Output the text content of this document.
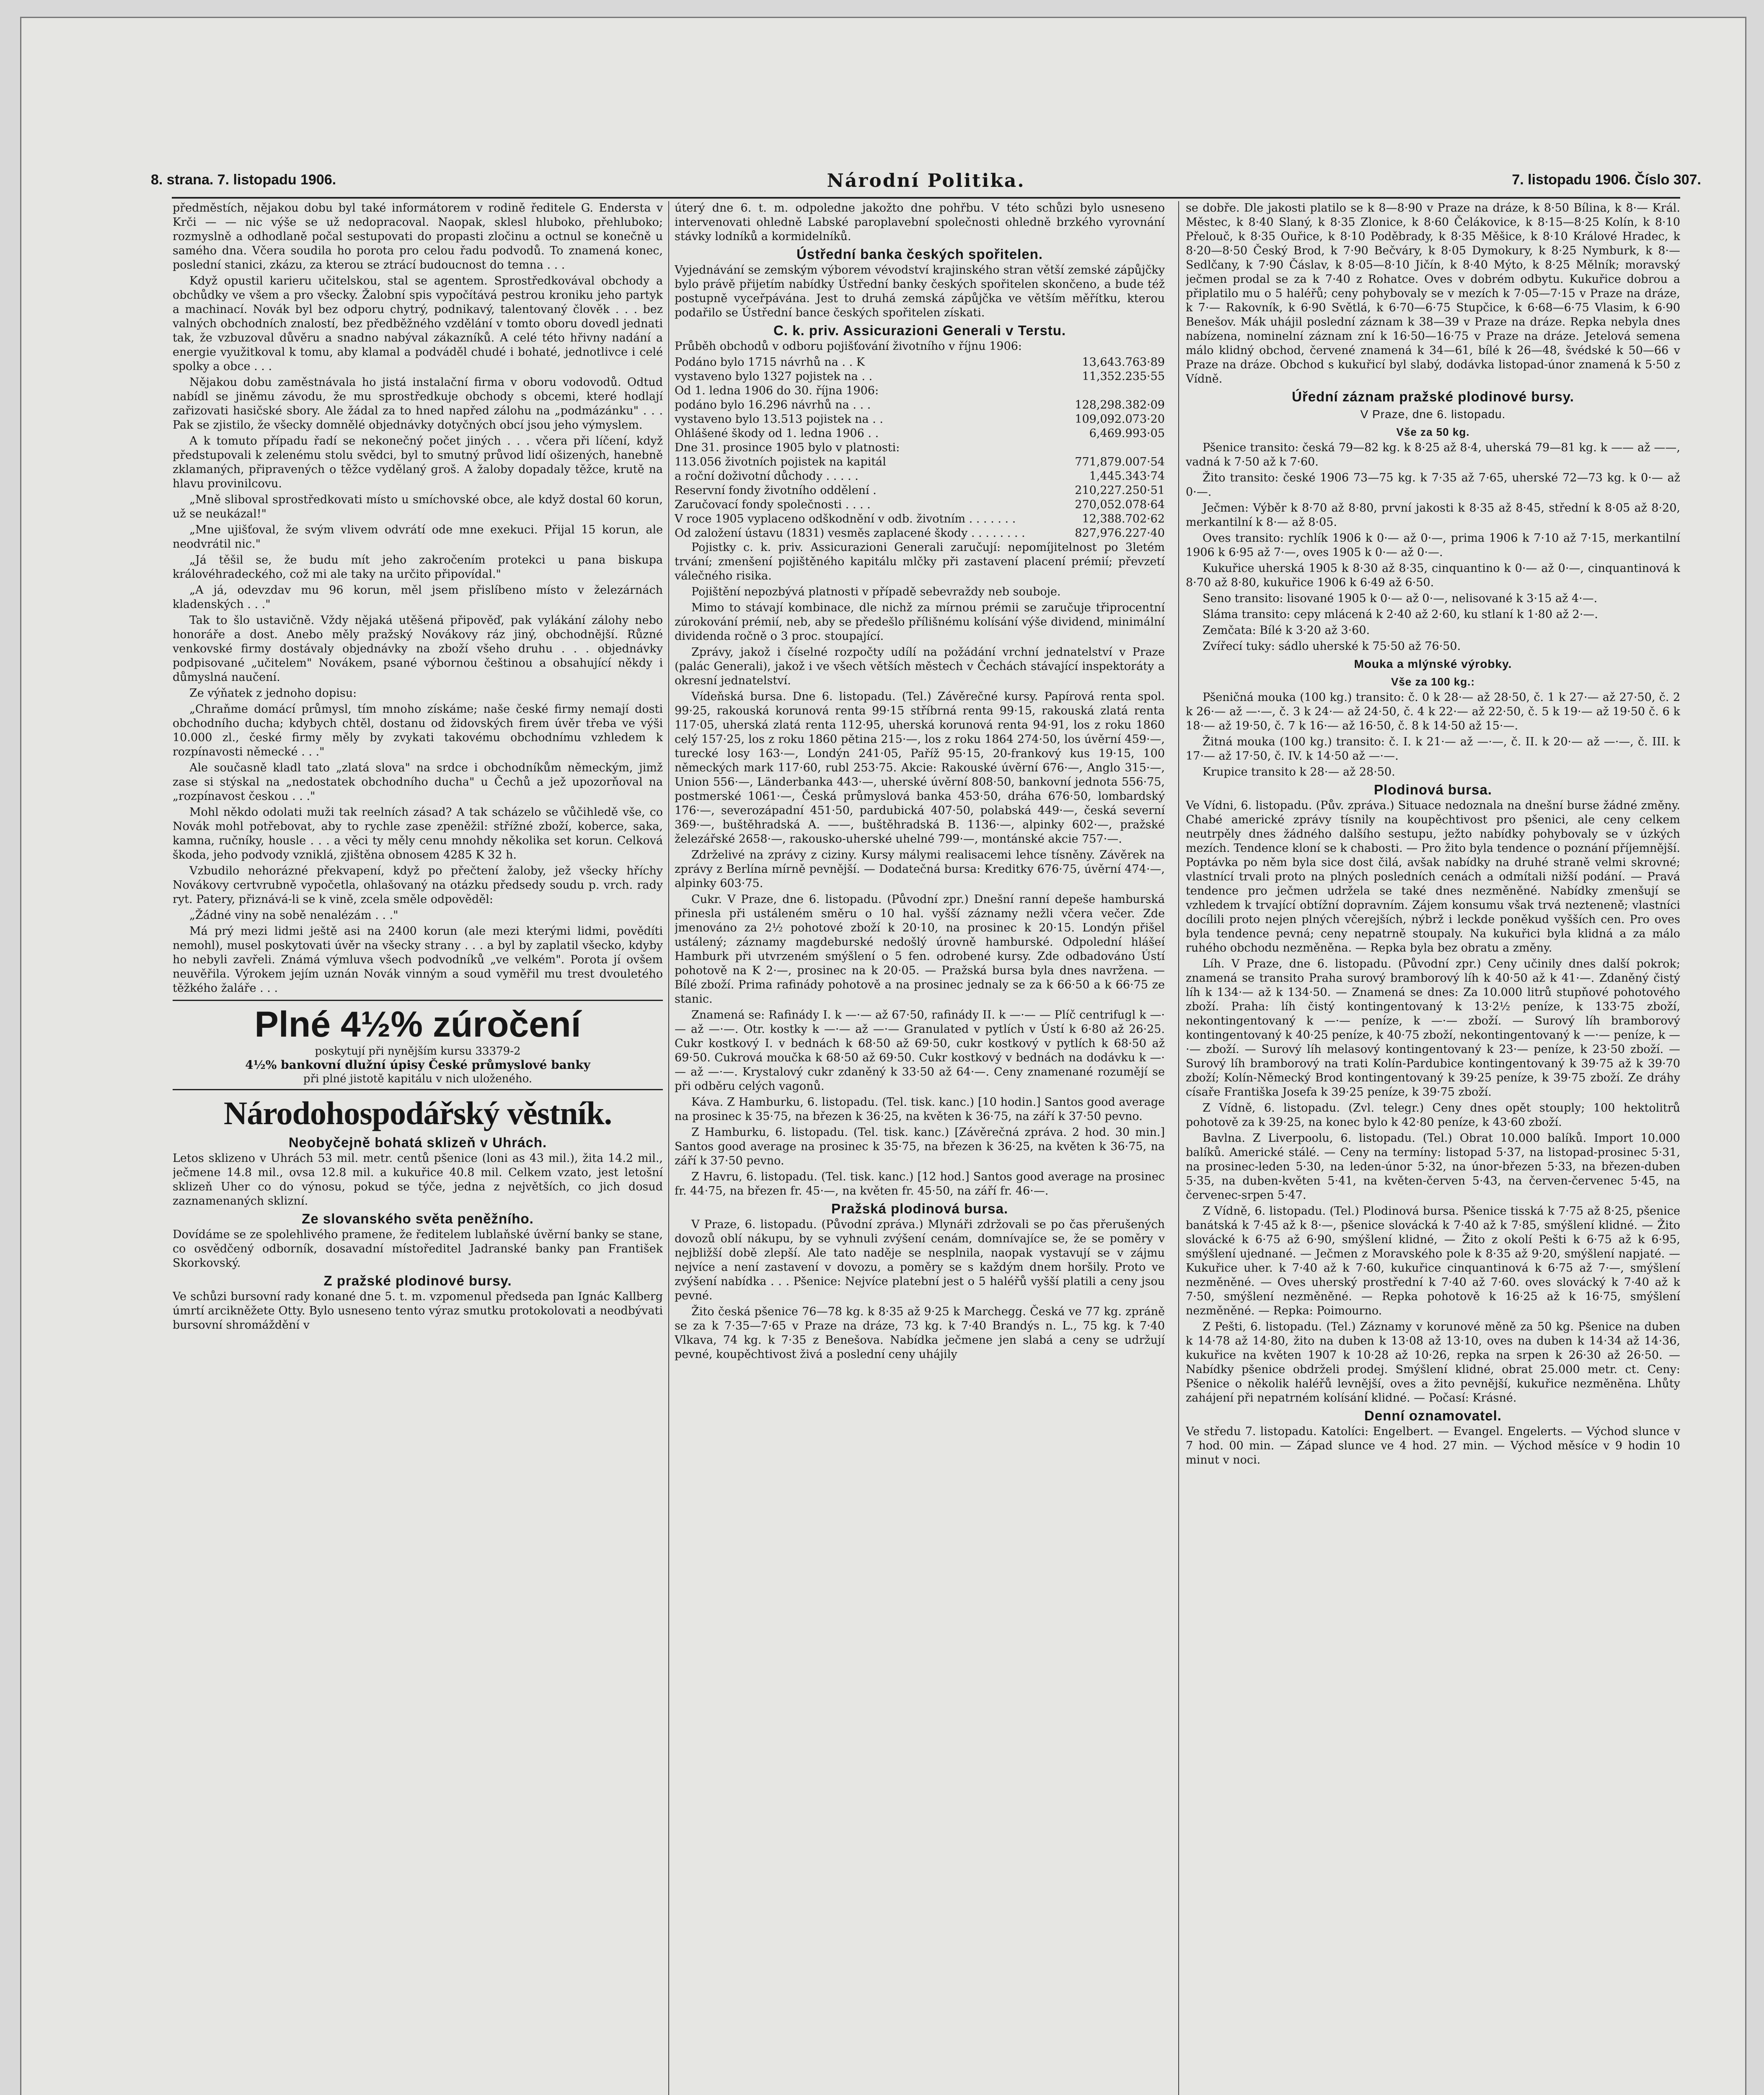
8. strana. 7. listopadu 1906.	Národní Politika.	7. listopadu 1906. Číslo 307.

předměstích, nějakou dobu byl také informátorem v rodině ředitele G. Endersta v Krči — — nic výše se už nedopracoval. Naopak, sklesl hluboko, přehluboko; rozmyslně a odhodlaně počal sestupovati do propasti zločinu a octnul se konečně u samého dna. Včera soudila ho porota pro celou řadu podvodů. To znamená konec, poslední stanici, zkázu, za kterou se ztrácí budoucnost do temna . . .

Když opustil karieru učitelskou, stal se agentem. Sprostředkovával obchody a obchůdky ve všem a pro všecky. Žalobní spis vypočítává pestrou kroniku jeho partyk a machinací. Novák byl bez odporu chytrý, podnikavý, talentovaný člověk . . . bez valných obchodních znalostí, bez předběžného vzdělání v tomto oboru dovedl jednati tak, že vzbuzoval důvěru a snadno nabýval zákazníků. A celé této hřivny nadání a energie využitkoval k tomu, aby klamal a podváděl chudé i bohaté, jednotlivce i celé spolky a obce . . .

Nějakou dobu zaměstnávala ho jistá instalační firma v oboru vodovodů. Odtud nabídl se jiněmu závodu, že mu sprostředkuje obchody s obcemi, které hodlají zařizovati hasičské sbory. Ale žádal za to hned napřed zálohu na „podmázánku" . . . Pak se zjistilo, že všecky domnělé objednávky dotyčných obcí jsou jeho výmyslem.

A k tomuto případu řadí se nekonečný počet jiných . . . včera při líčení, když předstupovali k zelenému stolu svědci, byl to smutný průvod lidí ošizených, hanebně zklamaných, připravených o těžce vydělaný groš. A žaloby dopadaly těžce, krutě na hlavu provinilcovu.

„Mně sliboval sprostředkovati místo u smíchovské obce, ale když dostal 60 korun, už se neukázal!"

„Mne ujišťoval, že svým vlivem odvrátí ode mne exekuci. Přijal 15 korun, ale neodvrátil nic."

„Já těšil se, že budu mít jeho zakročením protekci u pana biskupa královéhradeckého, což mi ale taky na určito připovídal."

„A já, odevzdav mu 96 korun, měl jsem přislíbeno místo v železárnách kladenských . . ."

Tak to šlo ustavičně. Vždy nějaká utěšená připověď, pak vylákání zálohy nebo honoráře a dost. Anebo měly pražský Novákovy ráz jiný, obchodnější. Různé venkovské firmy dostávaly objednávky na zboží všeho druhu . . . objednávky podpisované „učitelem" Novákem, psané výbornou češtinou a obsahující někdy i důmyslná naučení.

Ze výňatek z jednoho dopisu:

„Chraňme domácí průmysl, tím mnoho získáme; naše české firmy nemají dosti obchodního ducha; kdybych chtěl, dostanu od židovských firem úvěr třeba ve výši 10.000 zl., české firmy měly by zvykati takovému obchodnímu vzhledem k rozpínavosti německé . . ."

Ale současně kladl tato „zlatá slova" na srdce i obchodníkům německým, jimž zase si stýskal na „nedostatek obchodního ducha" u Čechů a jež upozorňoval na „rozpínavost českou . . ."

Mohl někdo odolati muži tak reelních zásad? A tak scházelo se vůčihledě vše, co Novák mohl potřebovat, aby to rychle zase zpeněžil: střížné zboží, koberce, saka, kamna, ručníky, housle . . . a věci ty měly cenu mnohdy několika set korun. Celková škoda, jeho podvody vzniklá, zjištěna obnosem 4285 K 32 h.

Vzbudilo nehorázné překvapení, když po přečtení žaloby, jež všecky hříchy Novákovy certvrubně vypočetla, ohlašovaný na otázku předsedy soudu p. vrch. rady ryt. Patery, přiznává-li se k vině, zcela směle odpověděl:

„Žádné viny na sobě nenalézám . . ."

Má prý mezi lidmi ještě asi na 2400 korun (ale mezi kterými lidmi, povědíti nemohl), musel poskytovati úvěr na všecky strany . . . a byl by zaplatil všecko, kdyby ho nebyli zavřeli. Známá výmluva všech podvodníků „ve velkém". Porota jí ovšem neuvěřila. Výrokem jejím uznán Novák vinným a soud vyměřil mu trest dvouletého těžkého žaláře . . .

Plné 4½% zúročení
poskytují při nynějším kursu 33379-2
4½% bankovní dlužní úpisy České průmyslové banky
při plné jistotě kapitálu v nich uloženého.
Národohospodářský věstník.
Neobyčejně bohatá sklizeň v Uhrách.

Letos sklizeno v Uhrách 53 mil. metr. centů pšenice (loni as 43 mil.), žita 14.2 mil., ječmene 14.8 mil., ovsa 12.8 mil. a kukuřice 40.8 mil. Celkem vzato, jest letošní sklizeň Uher co do výnosu, pokud se týče, jedna z největších, co jich dosud zaznamenaných sklizní.

Ze slovanského světa peněžního.

Dovídáme se ze spolehlivého pramene, že ředitelem lublaňské úvěrní banky se stane, co osvědčený odborník, dosavadní místoředitel Jadranské banky pan František Skorkovský.

Z pražské plodinové bursy.

Ve schůzi bursovní rady konané dne 5. t. m. vzpomenul předseda pan Ignác Kallberg úmrtí arcikněžete Otty. Bylo usneseno tento výraz smutku protokolovati a neodbývati bursovní shromáždění v

úterý dne 6. t. m. odpoledne jakožto dne pohřbu. V této schůzi bylo usneseno intervenovati ohledně Labské paroplavební společnosti ohledně brzkého vyrovnání stávky lodníků a kormidelníků.

Ústřední banka českých spořitelen.

Vyjednávání se zemským výborem vévodství krajinského stran větší zemské zápůjčky bylo právě přijetím nabídky Ústřední banky českých spořitelen skončeno, a bude též postupně vyceřpávána. Jest to druhá zemská zápůjčka ve větším měřítku, kterou podařilo se Ústřední bance českých spořitelen získati.

C. k. priv. Assicurazioni Generali v Terstu.

Průběh obchodů v odboru pojišťování životního v říjnu 1906:

Podáno bylo 1715 návrhů na . . K	13,643.763·89
vystaveno bylo 1327 pojistek na . .	11,352.235·55
Od 1. ledna 1906 do 30. října 1906:
podáno bylo 16.296 návrhů na . . .	128,298.382·09
vystaveno bylo 13.513 pojistek na . .	109,092.073·20
Ohlášené škody od 1. ledna 1906 . .	6,469.993·05
Dne 31. prosince 1905 bylo v platnosti:
113.056 životních pojistek na kapitál	771,879.007·54
a roční doživotní důchody . . . . .	1,445.343·74
Reservní fondy životního oddělení .	210,227.250·51
Zaručovací fondy společnosti . . . .	270,052.078·64
V roce 1905 vyplaceno odškodnění v odb. životním . . . . . . .	12,388.702·62
Od založení ústavu (1831) vesměs zaplacené škody . . . . . . . .	827,976.227·40

Pojistky c. k. priv. Assicurazioni Generali zaručují: nepomíjitelnost po 3letém trvání; zmenšení pojištěného kapitálu mlčky při zastavení placení prémií; převzetí válečného risika.

Pojištění nepozbývá platnosti v případě sebevraždy neb souboje.

Mimo to stávají kombinace, dle nichž za mírnou prémii se zaručuje třiprocentní zúrokování prémií, neb, aby se předešlo přílišnému kolísání výše dividend, minimální dividenda ročně o 3 proc. stoupající.

Zprávy, jakož i číselné rozpočty udílí na požádání vrchní jednatelství v Praze (palác Generali), jakož i ve všech větších městech v Čechách stávající inspektoráty a okresní jednatelství.

Vídeňská bursa. Dne 6. listopadu. (Tel.) Závěrečné kursy. Papírová renta spol. 99·25, rakouská korunová renta 99·15 stříbrná renta 99·15, rakouská zlatá renta 117·05, uherská zlatá renta 112·95, uherská korunová renta 94·91, los z roku 1860 celý 157·25, los z roku 1860 pětina 215·—, los z roku 1864 274·50, los úvěrní 459·—, turecké losy 163·—, Londýn 241·05, Paříž 95·15, 20-frankový kus 19·15, 100 německých mark 117·60, rubl 253·75. Akcie: Rakouské úvěrní 676·—, Anglo 315·—, Union 556·—, Länderbanka 443·—, uherské úvěrní 808·50, bankovní jednota 556·75, postmerské 1061·—, Česká průmyslová banka 453·50, dráha 676·50, lombardský 176·—, severozápadní 451·50, pardubická 407·50, polabská 449·—, česká severní 369·—, buštěhradská A. ——, buštěhradská B. 1136·—, alpinky 602·—, pražské železářské 2658·—, rakousko-uherské uhelné 799·—, montánské akcie 757·—.

Zdrželivé na zprávy z ciziny. Kursy málymi realisacemi lehce tísněny. Závěrek na zprávy z Berlína mírně pevnější. — Dodatečná bursa: Kreditky 676·75, úvěrní 474·—, alpinky 603·75.

Cukr. V Praze, dne 6. listopadu. (Původní zpr.) Dnešní ranní depeše hamburská přinesla při ustáleném směru o 10 hal. vyšší záznamy nežli včera večer. Zde jmenováno za 2½ pohotové zboží k 20·10, na prosinec k 20·15. Londýn přišel ustálený; záznamy magdeburské nedošlý úrovně hamburské. Odpolední hlášeí Hamburk při utvrzeném smýšlení o 5 fen. odrobené kursy. Zde odbadováno Ústí pohotově na K 2·—, prosinec na k 20·05. — Pražská bursa byla dnes navržena. — Bílé zboží. Prima rafinády pohotově a na prosinec jednaly se za k 66·50 a k 66·75 ze stanic.

Znamená se: Rafinády I. k —·— až 67·50, rafinády II. k —·— — Plíč centrifugl k —·— až —·—. Otr. kostky k —·— až —·— Granulated v pytlích v Ústí k 6·80 až 26·25. Cukr kostkový I. v bednách k 68·50 až 69·50, cukr kostkový v pytlích k 68·50 až 69·50. Cukrová moučka k 68·50 až 69·50. Cukr kostkový v bednách na dodávku k —·— až —·—. Krystalový cukr zdaněný k 33·50 až 64·—. Ceny znamenané rozumějí se při odběru celých vagonů.

Káva. Z Hamburku, 6. listopadu. (Tel. tisk. kanc.) [10 hodin.] Santos good average na prosinec k 35·75, na březen k 36·25, na květen k 36·75, na září k 37·50 pevno.

Z Hamburku, 6. listopadu. (Tel. tisk. kanc.) [Závěrečná zpráva. 2 hod. 30 min.] Santos good average na prosinec k 35·75, na březen k 36·25, na květen k 36·75, na září k 37·50 pevno.

Z Havru, 6. listopadu. (Tel. tisk. kanc.) [12 hod.] Santos good average na prosinec fr. 44·75, na březen fr. 45·—, na květen fr. 45·50, na září fr. 46·—.

Pražská plodinová bursa.

V Praze, 6. listopadu. (Původní zpráva.) Mlynáři zdržovali se po čas přerušených dovozů oblí nákupu, by se vyhnuli zvýšení cenám, domnívajíce se, že se poměry v nejbližší době zlepší. Ale tato naděje se nesplnila, naopak vystavují se v zájmu nejvíce a není zastavení v dovozu, a poměry se s každým dnem horšily. Proto ve zvýšení nabídka . . . Pšenice: Nejvíce platební jest o 5 haléřů vyšší platili a ceny jsou pevné.

Žito česká pšenice 76—78 kg. k 8·35 až 9·25 k Marchegg. Česká ve 77 kg. zpráně se za k 7·35—7·65 v Praze na dráze, 73 kg. k 7·40 Brandýs n. L., 75 kg. k 7·40 Vlkava, 74 kg. k 7·35 z Benešova. Nabídka ječmene jen slabá a ceny se udržují pevné, koupěchtivost živá a poslední ceny uhájily

se dobře. Dle jakosti platilo se k 8—8·90 v Praze na dráze, k 8·50 Bílina, k 8·— Král. Městec, k 8·40 Slaný, k 8·35 Zlonice, k 8·60 Čelákovice, k 8·15—8·25 Kolín, k 8·10 Přelouč, k 8·35 Ouřice, k 8·10 Poděbrady, k 8·35 Měšice, k 8·10 Králové Hradec, k 8·20—8·50 Český Brod, k 7·90 Bečváry, k 8·05 Dymokury, k 8·25 Nymburk, k 8·— Sedlčany, k 7·90 Čáslav, k 8·05—8·10 Jičín, k 8·40 Mýto, k 8·25 Mělník; moravský ječmen prodal se za k 7·40 z Rohatce. Oves v dobrém odbytu. Kukuřice dobrou a připlatilo mu o 5 haléřů; ceny pohybovaly se v mezích k 7·05—7·15 v Praze na dráze, k 7·— Rakovník, k 6·90 Světlá, k 6·70—6·75 Stupčice, k 6·68—6·75 Vlasim, k 6·90 Benešov. Mák uhájil poslední záznam k 38—39 v Praze na dráze. Repka nebyla dnes nabízena, nominelní záznam zní k 16·50—16·75 v Praze na dráze. Jetelová semena málo klidný obchod, červené znamená k 34—61, bílé k 26—48, švédské k 50—66 v Praze na dráze. Obchod s kukuřicí byl slabý, dodávka listopad-únor znamená k 5·50 z Vídně.

Úřední záznam pražské plodinové bursy.
V Praze, dne 6. listopadu.
Vše za 50 kg.

Pšenice transito: česká 79—82 kg. k 8·25 až 8·4, uherská 79—81 kg. k —— až ——, vadná k 7·50 až k 7·60.

Žito transito: české 1906 73—75 kg. k 7·35 až 7·65, uherské 72—73 kg. k 0·— až 0·—.

Ječmen: Výběr k 8·70 až 8·80, první jakosti k 8·35 až 8·45, střední k 8·05 až 8·20, merkantilní k 8·— až 8·05.

Oves transito: rychlík 1906 k 0·— až 0·—, prima 1906 k 7·10 až 7·15, merkantilní 1906 k 6·95 až 7·—, oves 1905 k 0·— až 0·—.

Kukuřice uherská 1905 k 8·30 až 8·35, cinquantino k 0·— až 0·—, cinquantinová k 8·70 až 8·80, kukuřice 1906 k 6·49 až 6·50.

Seno transito: lisované 1905 k 0·— až 0·—, nelisované k 3·15 až 4·—.

Sláma transito: cepy mlácená k 2·40 až 2·60, ku stlaní k 1·80 až 2·—.

Zemčata: Bílé k 3·20 až 3·60.

Zvířecí tuky: sádlo uherské k 75·50 až 76·50.

Mouka a mlýnské výrobky.
Vše za 100 kg.:

Pšeničná mouka (100 kg.) transito: č. 0 k 28·— až 28·50, č. 1 k 27·— až 27·50, č. 2 k 26·— až —·—, č. 3 k 24·— až 24·50, č. 4 k 22·— až 22·50, č. 5 k 19·— až 19·50 č. 6 k 18·— až 19·50, č. 7 k 16·— až 16·50, č. 8 k 14·50 až 15·—.

Žitná mouka (100 kg.) transito: č. I. k 21·— až —·—, č. II. k 20·— až —·—, č. III. k 17·— až 17·50, č. IV. k 14·50 až —·—.

Krupice transito k 28·— až 28·50.

Plodinová bursa.

Ve Vídni, 6. listopadu. (Pův. zpráva.) Situace nedoznala na dnešní burse žádné změny. Chabé americké zprávy tísnily na koupěchtivost pro pšenici, ale ceny celkem neutrpěly dnes žádného dalšího sestupu, ježto nabídky pohybovaly se v úzkých mezích. Tendence kloní se k chabosti. — Pro žito byla tendence o poznání příjemnější. Poptávka po něm byla sice dost čilá, avšak nabídky na druhé straně velmi skrovné; vlastnící trvali proto na plných posledních cenách a odmítali nižší podání. — Pravá tendence pro ječmen udržela se také dnes nezměněné. Nabídky zmenšují se vzhledem k trvající obtížní dopravním. Zájem konsumu však trvá nezteneně; vlastníci docílili proto nejen plných včerejších, nýbrž i leckde poněkud vyšších cen. Pro oves byla tendence pevná; ceny nepatrně stoupaly. Na kukuřici byla klidná a za málo ruhého obchodu nezměněna. — Repka byla bez obratu a změny.

Líh. V Praze, dne 6. listopadu. (Původní zpr.) Ceny učinily dnes další pokrok; znamená se transito Praha surový bramborový líh k 40·50 až k 41·—. Zdaněný čistý líh k 134·— až k 134·50. — Znamená se dnes: Za 10.000 litrů stupňové pohotového zboží. Praha: líh čistý kontingentovaný k 13·2½ peníze, k 133·75 zboží, nekontingentovaný k —·— peníze, k —·— zboží. — Surový líh bramborový kontingentovaný k 40·25 peníze, k 40·75 zboží, nekontingentovaný k —·— peníze, k —·— zboží. — Surový líh melasový kontingentovaný k 23·— peníze, k 23·50 zboží. — Surový líh bramborový na trati Kolín-Pardubice kontingentovaný k 39·75 až k 39·70 zboží; Kolín-Německý Brod kontingentovaný k 39·25 peníze, k 39·75 zboží. Ze dráhy císaře Františka Josefa k 39·25 peníze, k 39·75 zboží.

Z Vídně, 6. listopadu. (Zvl. telegr.) Ceny dnes opět stouply; 100 hektolitrů pohotově za k 39·25, na konec bylo k 42·80 peníze, k 43·60 zboží.

Bavlna. Z Liverpoolu, 6. listopadu. (Tel.) Obrat 10.000 balíků. Import 10.000 balíků. Americké stálé. — Ceny na termíny: listopad 5·37, na listopad-prosinec 5·31, na prosinec-leden 5·30, na leden-únor 5·32, na únor-březen 5·33, na březen-duben 5·35, na duben-květen 5·41, na květen-červen 5·43, na červen-červenec 5·45, na červenec-srpen 5·47.

Z Vídně, 6. listopadu. (Tel.) Plodinová bursa. Pšenice tisská k 7·75 až 8·25, pšenice banátská k 7·45 až k 8·—, pšenice slovácká k 7·40 až k 7·85, smýšlení klidné. — Žito slovácké k 6·75 až 6·90, smýšlení klidné, — Žito z okolí Pešti k 6·75 až k 6·95, smýšlení ujednané. — Ječmen z Moravského pole k 8·35 až 9·20, smýšlení napjaté. — Kukuřice uher. k 7·40 až k 7·60, kukuřice cinquantinová k 6·75 až 7·—, smýšlení nezměněné. — Oves uherský prostřední k 7·40 až 7·60. oves slovácký k 7·40 až k 7·50, smýšlení nezměněné. — Repka pohotově k 16·25 až k 16·75, smýšlení nezměněné. — Repka: Poimourno.

Z Pešti, 6. listopadu. (Tel.) Záznamy v korunové měně za 50 kg. Pšenice na duben k 14·78 až 14·80, žito na duben k 13·08 až 13·10, oves na duben k 14·34 až 14·36, kukuřice na květen 1907 k 10·28 až 10·26, repka na srpen k 26·30 až 26·50. — Nabídky pšenice obdrželi prodej. Smýšlení klidné, obrat 25.000 metr. ct. Ceny: Pšenice o několik haléřů levnější, oves a žito pevnější, kukuřice nezměněna. Lhůty zahájení při nepatrném kolísání klidné. — Počasí: Krásné.

Denní oznamovatel.

Ve středu 7. listopadu. Katolíci: Engelbert. — Evangel. Engelerts. — Východ slunce v 7 hod. 00 min. — Západ slunce ve 4 hod. 27 min. — Východ měsíce v 9 hodin 10 minut v noci.
